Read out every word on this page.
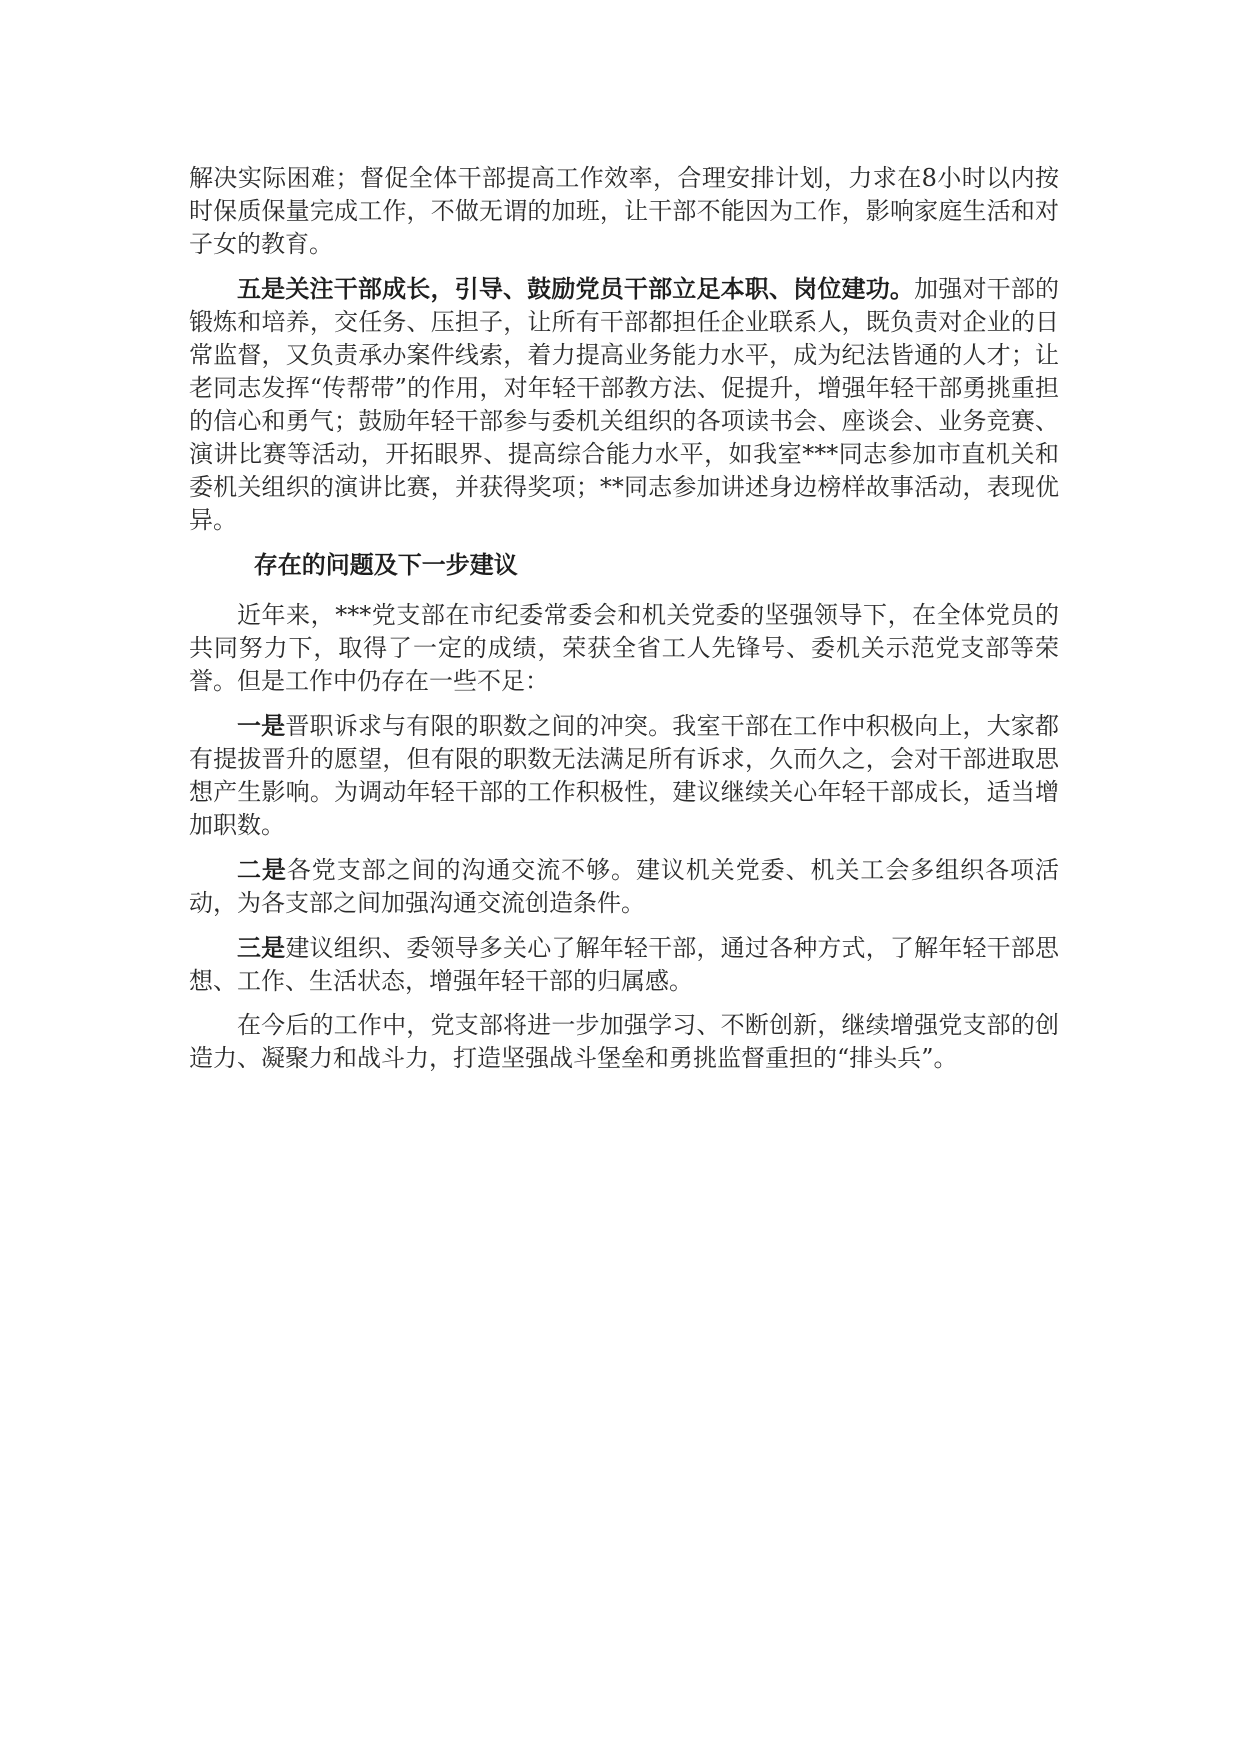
解决实际困难；督促全体干部提高工作效率，合理安排计划，力求在8小时以内按时保质保量完成工作，不做无谓的加班，让干部不能因为工作，影响家庭生活和对子女的教育。

五是关注干部成长，引导、鼓励党员干部立足本职、岗位建功。加强对干部的锻炼和培养，交任务、压担子，让所有干部都担任企业联系人，既负责对企业的日常监督，又负责承办案件线索，着力提高业务能力水平，成为纪法皆通的人才；让老同志发挥“传帮带”的作用，对年轻干部教方法、促提升，增强年轻干部勇挑重担的信心和勇气；鼓励年轻干部参与委机关组织的各项读书会、座谈会、业务竞赛、演讲比赛等活动，开拓眼界、提高综合能力水平，如我室***同志参加市直机关和委机关组织的演讲比赛，并获得奖项；**同志参加讲述身边榜样故事活动，表现优异。

存在的问题及下一步建议

近年来，***党支部在市纪委常委会和机关党委的坚强领导下，在全体党员的共同努力下，取得了一定的成绩，荣获全省工人先锋号、委机关示范党支部等荣誉。但是工作中仍存在一些不足：

一是晋职诉求与有限的职数之间的冲突。我室干部在工作中积极向上，大家都有提拔晋升的愿望，但有限的职数无法满足所有诉求，久而久之，会对干部进取思想产生影响。为调动年轻干部的工作积极性，建议继续关心年轻干部成长，适当增加职数。

二是各党支部之间的沟通交流不够。建议机关党委、机关工会多组织各项活动，为各支部之间加强沟通交流创造条件。

三是建议组织、委领导多关心了解年轻干部，通过各种方式，了解年轻干部思想、工作、生活状态，增强年轻干部的归属感。

在今后的工作中，党支部将进一步加强学习、不断创新，继续增强党支部的创造力、凝聚力和战斗力，打造坚强战斗堡垒和勇挑监督重担的“排头兵”。
